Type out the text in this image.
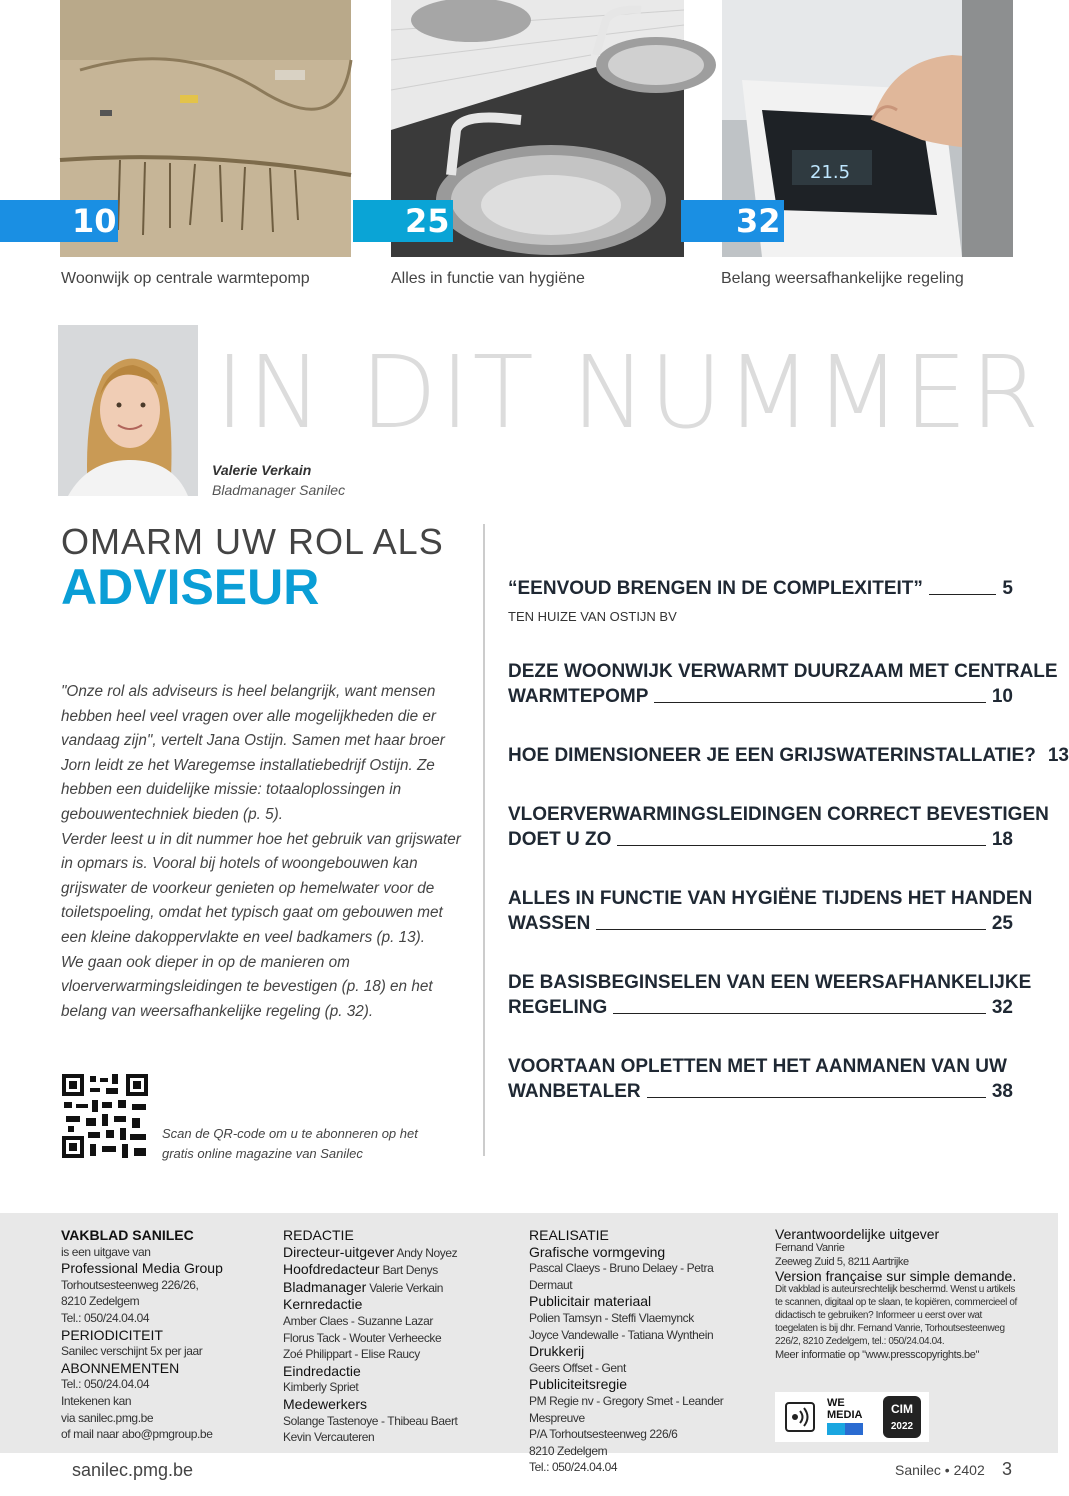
21.5
10	25	32
Woonwijk op centrale warmtepomp	Alles in functie van hygiëne	Belang weersafhankelijke regeling
IN DIT NUMMER
Valerie Verkain
Bladmanager Sanilec
OMARM UW ROL ALS
ADVISEUR

"Onze rol als adviseurs is heel belangrijk, want mensen hebben heel veel vragen over alle mogelijkheden die er vandaag zijn", vertelt Jana Ostijn. Samen met haar broer Jorn leidt ze het Waregemse installatiebedrijf Ostijn. Ze hebben een duidelijke missie: totaaloplossingen in gebouwentechniek bieden (p. 5).

Verder leest u in dit nummer hoe het gebruik van grijswater in opmars is. Vooral bij hotels of woongebouwen kan grijswater de voorkeur genieten op hemelwater voor de toiletspoeling, omdat het typisch gaat om gebouwen met een kleine dakoppervlakte en veel badkamers (p. 13).

We gaan ook dieper in op de manieren om vloerverwarmingsleidingen te bevestigen (p. 18) en het belang van weersafhankelijke regeling (p. 32).

Scan de QR-code om u te abonneren op het gratis online magazine van Sanilec
“EENVOUD BRENGEN IN DE COMPLEXITEIT”	5
TEN HUIZE VAN OSTIJN BV
DEZE WOONWIJK VERWARMT DUURZAAM MET CENTRALE
WARMTEPOMP	10
HOE DIMENSIONEER JE EEN GRIJSWATERINSTALLATIE? 13
VLOERVERWARMINGSLEIDINGEN CORRECT BEVESTIGEN
DOET U ZO	18
ALLES IN FUNCTIE VAN HYGIËNE TIJDENS HET HANDEN
WASSEN	25
DE BASISBEGINSELEN VAN EEN WEERSAFHANKELIJKE
REGELING	32
VOORTAAN OPLETTEN MET HET AANMANEN VAN UW
WANBETALER	38
VAKBLAD SANILEC
is een uitgave van
Professional Media Group
Torhoutsesteenweg 226/26,
8210 Zedelgem
Tel.: 050/24.04.04
PERIODICITEIT
Sanilec verschijnt 5x per jaar
ABONNEMENTEN
Tel.: 050/24.04.04
Intekenen kan
via sanilec.pmg.be
of mail naar abo@pmgroup.be
REDACTIE
Directeur-uitgever Andy Noyez
Hoofdredacteur Bart Denys
Bladmanager Valerie Verkain
Kernredactie
Amber Claes - Suzanne Lazar
Florus Tack - Wouter Verheecke
Zoé Philippart - Elise Raucy
Eindredactie
Kimberly Spriet
Medewerkers
Solange Tastenoye - Thibeau Baert
Kevin Vercauteren
REALISATIE
Grafische vormgeving
Pascal Claeys - Bruno Delaey - Petra Dermaut
Publicitair materiaal
Polien Tamsyn - Steffi Vlaemynck
Joyce Vandewalle - Tatiana Wynthein
Drukkerij
Geers Offset - Gent
Publiciteitsregie
PM Regie nv - Gregory Smet - Leander Mespreuve
P/A Torhoutsesteenweg 226/6
8210 Zedelgem
Tel.: 050/24.04.04
Verantwoordelijke uitgever
Fernand Vanrie
Zeeweg Zuid 5, 8211 Aartrijke
Version française sur simple demande.
Dit vakblad is auteursrechtelijk beschermd. Wenst u artikels te scannen, digitaal op te slaan, te kopiëren, commercieel of didactisch te gebruiken? Informeer u eerst over wat toegelaten is bij dhr. Fernand Vanrie, Torhoutsesteenweg 226/2, 8210 Zedelgem, tel.: 050/24.04.04.
Meer informatie op "www.presscopyrights.be"
WE MEDIA	CIM
2022
sanilec.pmg.be	Sanilec • 2402 3
